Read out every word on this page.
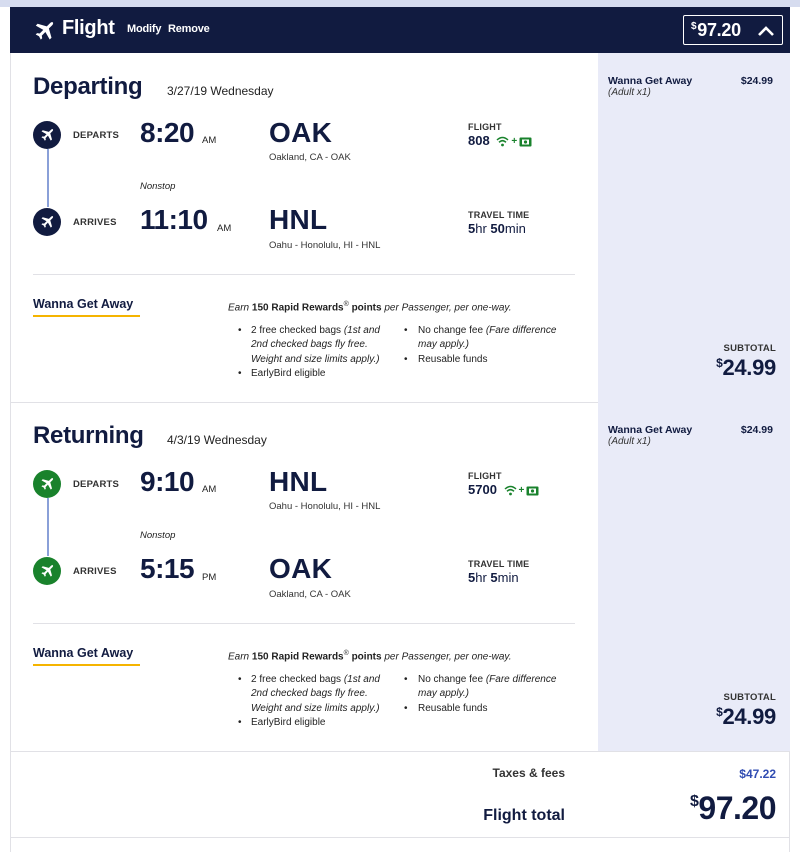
Flight Modify Remove	$97.20
Departing 3/27/19 Wednesday
DEPARTS 8:20 AM OAK
Oakland, CA - OAK
Nonstop
ARRIVES 11:10 AM HNL
Oahu - Honolulu, HI - HNL
FLIGHT
808 +
TRAVEL TIME
5hr 50min
Wanna Get Away	Earn 150 Rapid Rewards® points per Passenger, per one-way.
• 2 free checked bags (1st and
2nd checked bags fly free.
Weight and size limits apply.)
• EarlyBird eligible
• No change fee (Fare difference
may apply.)
• Reusable funds
Wanna Get Away
(Adult x1)
$24.99
SUBTOTAL
$24.99
Returning 4/3/19 Wednesday
DEPARTS 9:10 AM HNL
Oahu - Honolulu, HI - HNL
Nonstop
ARRIVES 5:15 PM OAK
Oakland, CA - OAK
FLIGHT
5700 +
TRAVEL TIME
5hr 5min
Wanna Get Away	Earn 150 Rapid Rewards® points per Passenger, per one-way.
• 2 free checked bags (1st and
2nd checked bags fly free.
Weight and size limits apply.)
• EarlyBird eligible
• No change fee (Fare difference
may apply.)
• Reusable funds
Wanna Get Away
(Adult x1)
$24.99
SUBTOTAL
$24.99
Taxes & fees	$47.22
Flight total
$97.20
